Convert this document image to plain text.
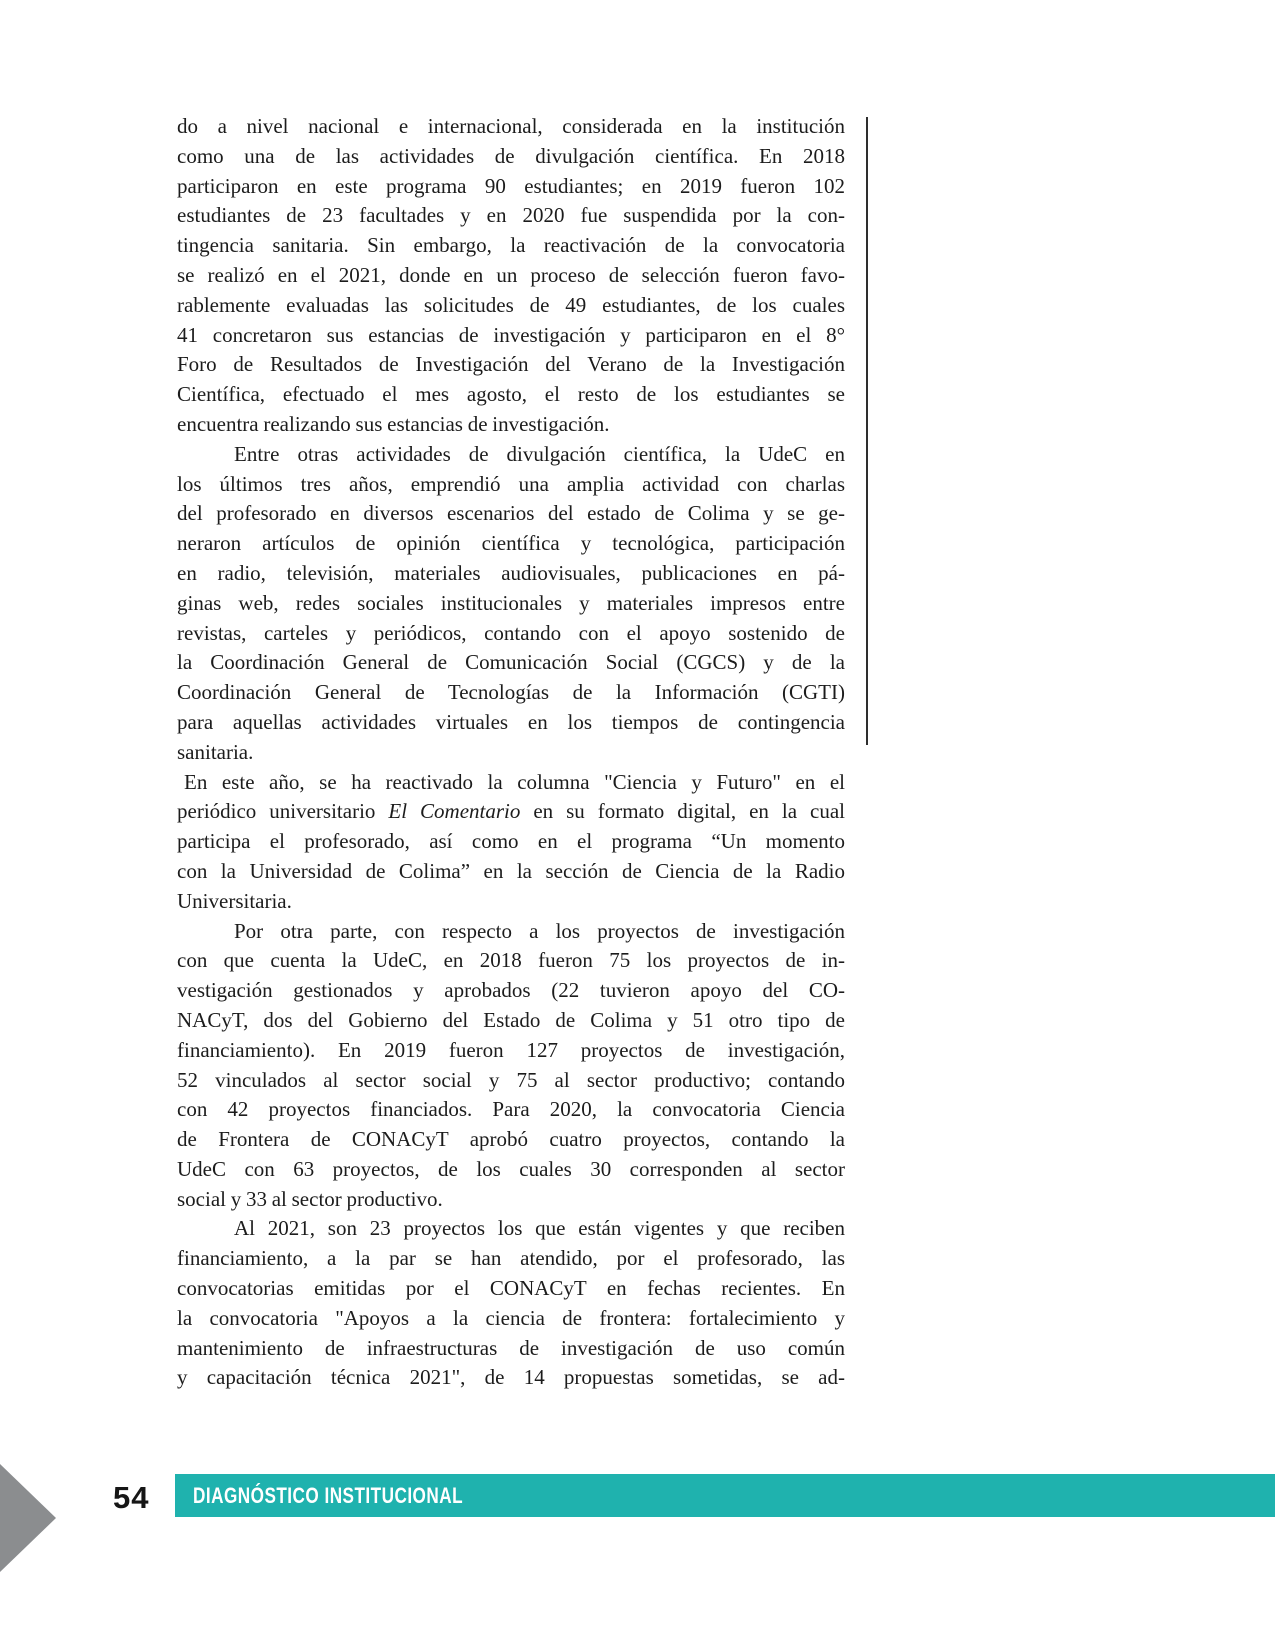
do a nivel nacional e internacional, considerada en la institución
como una de las actividades de divulgación científica. En 2018
participaron en este programa 90 estudiantes; en 2019 fueron 102
estudiantes de 23 facultades y en 2020 fue suspendida por la con-
tingencia sanitaria. Sin embargo, la reactivación de la convocatoria
se realizó en el 2021, donde en un proceso de selección fueron favo-
rablemente evaluadas las solicitudes de 49 estudiantes, de los cuales
41 concretaron sus estancias de investigación y participaron en el 8°
Foro de Resultados de Investigación del Verano de la Investigación
Científica, efectuado el mes agosto, el resto de los estudiantes se
encuentra realizando sus estancias de investigación.
Entre otras actividades de divulgación científica, la UdeC en
los últimos tres años, emprendió una amplia actividad con charlas
del profesorado en diversos escenarios del estado de Colima y se ge-
neraron artículos de opinión científica y tecnológica, participación
en radio, televisión, materiales audiovisuales, publicaciones en pá-
ginas web, redes sociales institucionales y materiales impresos entre
revistas, carteles y periódicos, contando con el apoyo sostenido de
la Coordinación General de Comunicación Social (CGCS) y de la
Coordinación General de Tecnologías de la Información (CGTI)
para aquellas actividades virtuales en los tiempos de contingencia
sanitaria.
En este año, se ha reactivado la columna "Ciencia y Futuro" en el
periódico universitario El Comentario en su formato digital, en la cual
participa el profesorado, así como en el programa “Un momento
con la Universidad de Colima” en la sección de Ciencia de la Radio
Universitaria.
Por otra parte, con respecto a los proyectos de investigación
con que cuenta la UdeC, en 2018 fueron 75 los proyectos de in-
vestigación gestionados y aprobados (22 tuvieron apoyo del CO-
NACyT, dos del Gobierno del Estado de Colima y 51 otro tipo de
financiamiento). En 2019 fueron 127 proyectos de investigación,
52 vinculados al sector social y 75 al sector productivo; contando
con 42 proyectos financiados. Para 2020, la convocatoria Ciencia
de Frontera de CONACyT aprobó cuatro proyectos, contando la
UdeC con 63 proyectos, de los cuales 30 corresponden al sector
social y 33 al sector productivo.
Al 2021, son 23 proyectos los que están vigentes y que reciben
financiamiento, a la par se han atendido, por el profesorado, las
convocatorias emitidas por el CONACyT en fechas recientes. En
la convocatoria "Apoyos a la ciencia de frontera: fortalecimiento y
mantenimiento de infraestructuras de investigación de uso común
y capacitación técnica 2021", de 14 propuestas sometidas, se ad-
54 DIAGNÓSTICO INSTITUCIONAL
